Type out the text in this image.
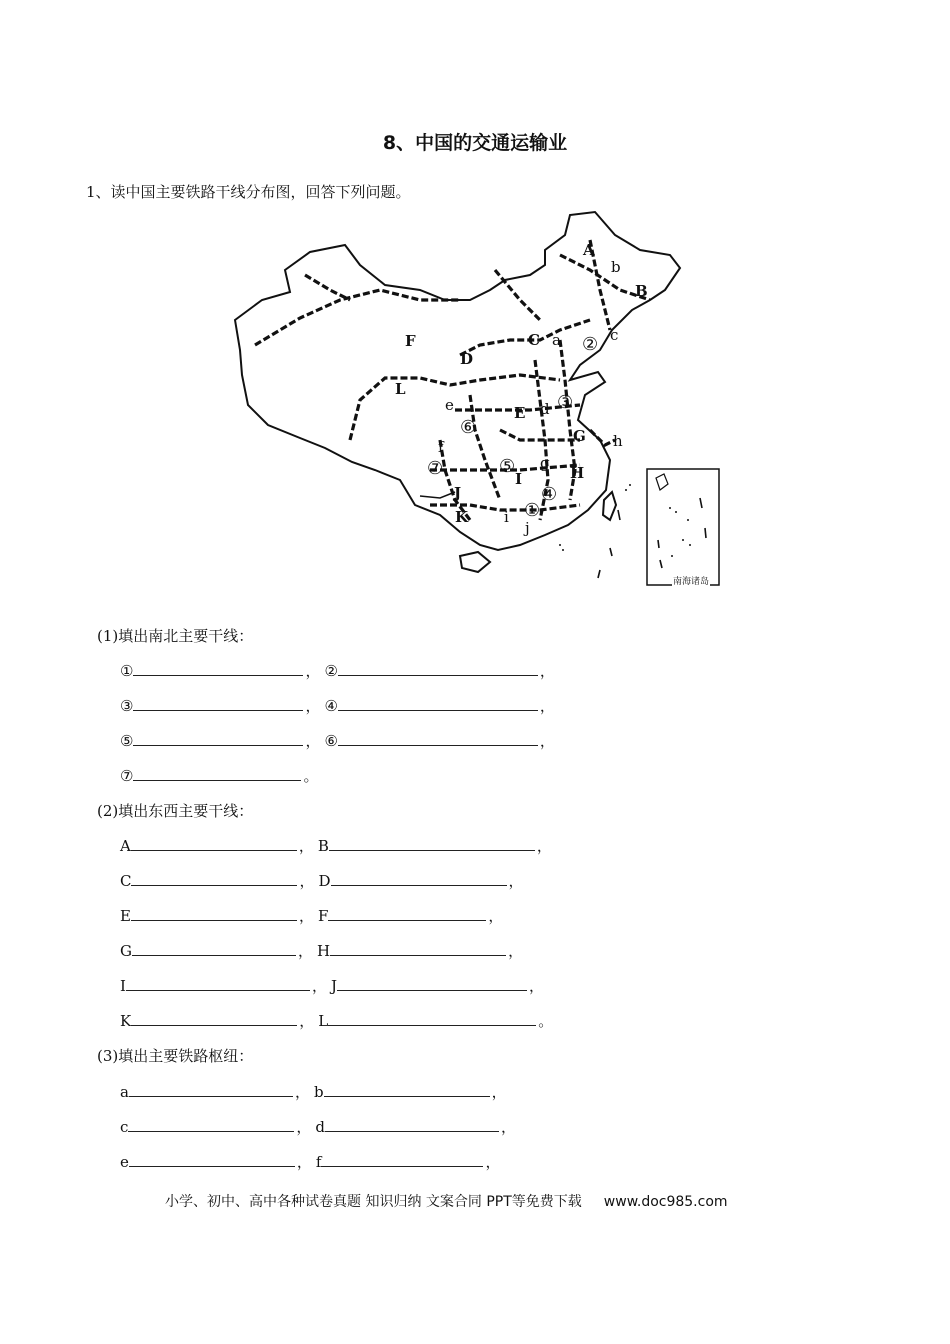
8、中国的交通运输业
1、读中国主要铁路干线分布图，回答下列问题。
A
b
B
c
②
C a
D
F
L
③
d
E
e
⑥	G h
f
⑤ g
⑦	I	H
J	④
K i ①
j
南海诸岛
(1)填出南北主要干线：
①	， ②	，
③	， ④	，
⑤	， ⑥	，
⑦	。
(2)填出东西主要干线：
A	， B	，
C	， D	，
E	， F	，
G	， H	，
I	， J	，
K	， L	。
(3)填出主要铁路枢纽：
a	， b	，
c	， d	，
e	， f	，
小学、初中、高中各种试卷真题 知识归纳 文案合同 PPT等免费下载 www.doc985.com
